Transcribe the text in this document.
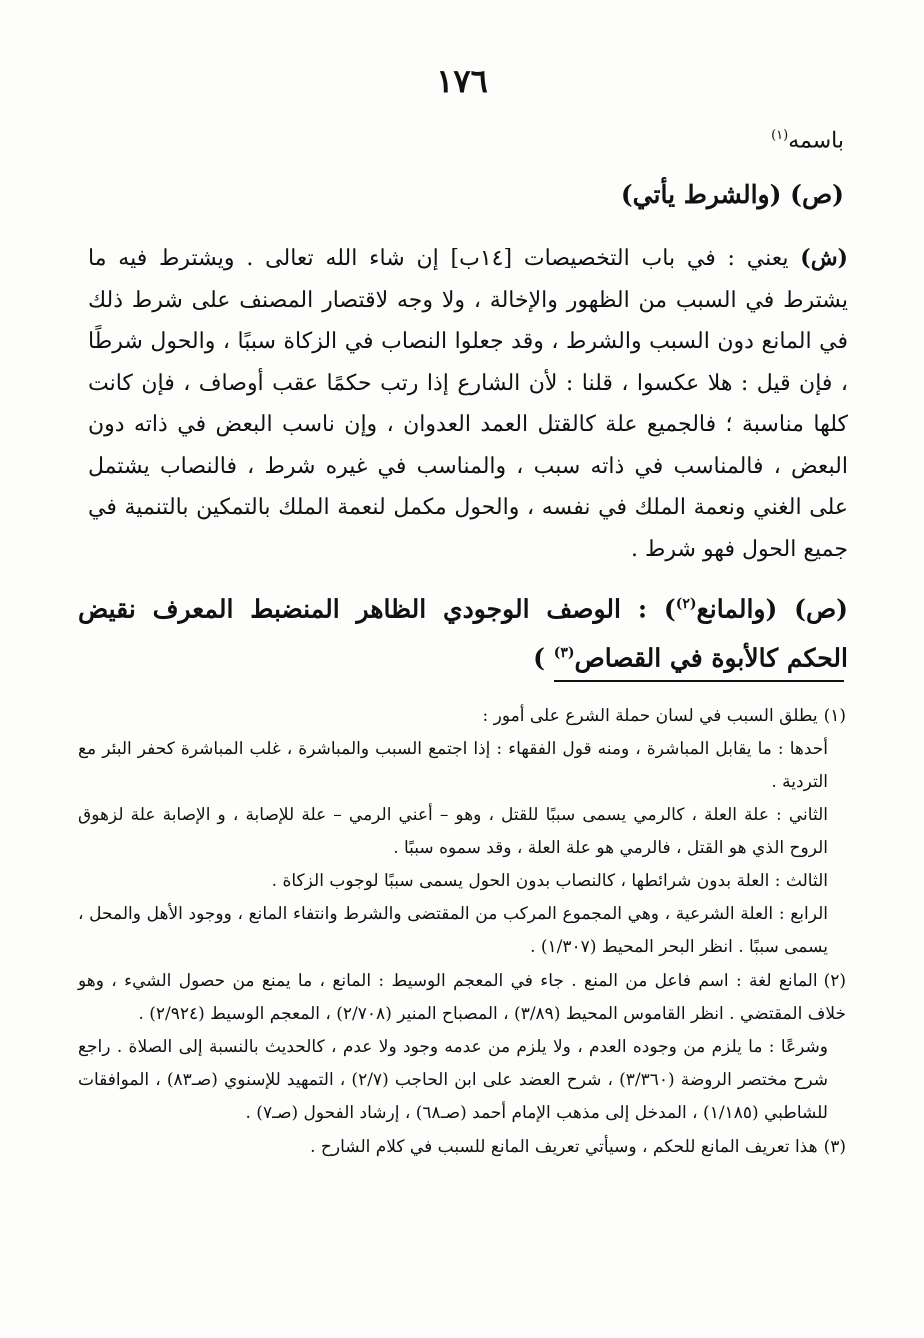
١٧٦
باسمه$^{(١)}$
(ص) (والشرط يأتي)

(ش) يعني : في باب التخصيصات [١٤ب] إن شاء الله تعالى . ويشترط فيه ما يشترط في السبب من الظهور والإخالة ، ولا وجه لاقتصار المصنف على شرط ذلك في المانع دون السبب والشرط ، وقد جعلوا النصاب في الزكاة سببًا ، والحول شرطًا ، فإن قيل : هلا عكسوا ، قلنا : لأن الشارع إذا رتب حكمًا عقب أوصاف ، فإن كانت كلها مناسبة ؛ فالجميع علة كالقتل العمد العدوان ، وإن ناسب البعض في ذاته دون البعض ، فالمناسب في ذاته سبب ، والمناسب في غيره شرط ، فالنصاب يشتمل على الغني ونعمة الملك في نفسه ، والحول مكمل لنعمة الملك بالتمكين بالتنمية في جميع الحول فهو شرط .

(ص) (والمانع$^{(٢)}$) : الوصف الوجودي الظاهر المنضبط المعرف نقيض الحكم كالأبوة في القصاص$^{(٣)}$ )

(١)يطلق السبب في لسان حملة الشرع على أمور :

أحدها : ما يقابل المباشرة ، ومنه قول الفقهاء : إذا اجتمع السبب والمباشرة ، غلب المباشرة كحفر البئر مع التردية .

الثاني : علة العلة ، كالرمي يسمى سببًا للقتل ، وهو – أعني الرمي – علة للإصابة ، و الإصابة علة لزهوق الروح الذي هو القتل ، فالرمي هو علة العلة ، وقد سموه سببًا .

الثالث : العلة بدون شرائطها ، كالنصاب بدون الحول يسمى سببًا لوجوب الزكاة .

الرابع : العلة الشرعية ، وهي المجموع المركب من المقتضى والشرط وانتفاء المانع ، ووجود الأهل والمحل ، يسمى سببًا . انظر البحر المحيط (١/٣٠٧) .

(٢)المانع لغة : اسم فاعل من المنع . جاء في المعجم الوسيط : المانع ، ما يمنع من حصول الشيء ، وهو خلاف المقتضي . انظر القاموس المحيط (٣/٨٩) ، المصباح المنير (٢/٧٠٨) ، المعجم الوسيط (٢/٩٢٤) .

وشرعًا : ما يلزم من وجوده العدم ، ولا يلزم من عدمه وجود ولا عدم ، كالحديث بالنسبة إلى الصلاة . راجع شرح مختصر الروضة (٣/٣٦٠) ، شرح العضد على ابن الحاجب (٢/٧) ، التمهيد للإسنوي (صـ٨٣) ، الموافقات للشاطبي (١/١٨٥) ، المدخل إلى مذهب الإمام أحمد (صـ٦٨) ، إرشاد الفحول (صـ٧) .

(٣)هذا تعريف المانع للحكم ، وسيأتي تعريف المانع للسبب في كلام الشارح .
